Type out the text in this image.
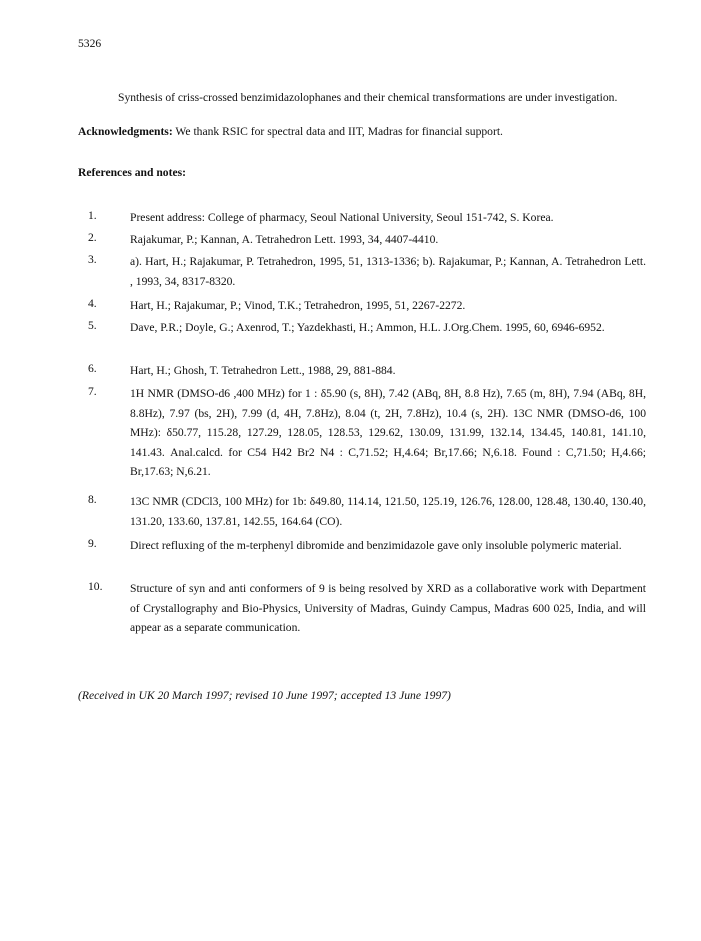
5326
Synthesis of criss-crossed benzimidazolophanes and their chemical transformations are under investigation.
Acknowledgments: We thank RSIC for spectral data and IIT, Madras for financial support.
References and notes:
1.	Present address: College of pharmacy, Seoul National University, Seoul 151-742, S. Korea.
2.	Rajakumar, P.; Kannan, A. Tetrahedron Lett. 1993, 34, 4407-4410.
3.	a). Hart, H.; Rajakumar, P. Tetrahedron, 1995, 51, 1313-1336; b). Rajakumar, P.; Kannan, A. Tetrahedron Lett. , 1993, 34, 8317-8320.
4.	Hart, H.; Rajakumar, P.; Vinod, T.K.; Tetrahedron, 1995, 51, 2267-2272.
5.	Dave, P.R.; Doyle, G.; Axenrod, T.; Yazdekhasti, H.; Ammon, H.L. J.Org.Chem. 1995, 60, 6946-6952.
6.	Hart, H.; Ghosh, T. Tetrahedron Lett., 1988, 29, 881-884.
7.	1H NMR (DMSO-d6 ,400 MHz) for 1 : δ5.90 (s, 8H), 7.42 (ABq, 8H, 8.8 Hz), 7.65 (m, 8H), 7.94 (ABq, 8H, 8.8Hz), 7.97 (bs, 2H), 7.99 (d, 4H, 7.8Hz), 8.04 (t, 2H, 7.8Hz), 10.4 (s, 2H). 13C NMR (DMSO-d6, 100 MHz): δ50.77, 115.28, 127.29, 128.05, 128.53, 129.62, 130.09, 131.99, 132.14, 134.45, 140.81, 141.10, 141.43. Anal.calcd. for C54 H42 Br2 N4 : C,71.52; H,4.64; Br,17.66; N,6.18. Found : C,71.50; H,4.66; Br,17.63; N,6.21.
8.	13C NMR (CDCl3, 100 MHz) for 1b: δ49.80, 114.14, 121.50, 125.19, 126.76, 128.00, 128.48, 130.40, 130.40, 131.20, 133.60, 137.81, 142.55, 164.64 (CO).
9.	Direct refluxing of the m-terphenyl dibromide and benzimidazole gave only insoluble polymeric material.
10.	Structure of syn and anti conformers of 9 is being resolved by XRD as a collaborative work with Department of Crystallography and Bio-Physics, University of Madras, Guindy Campus, Madras 600 025, India, and will appear as a separate communication.
(Received in UK 20 March 1997; revised 10 June 1997; accepted 13 June 1997)
